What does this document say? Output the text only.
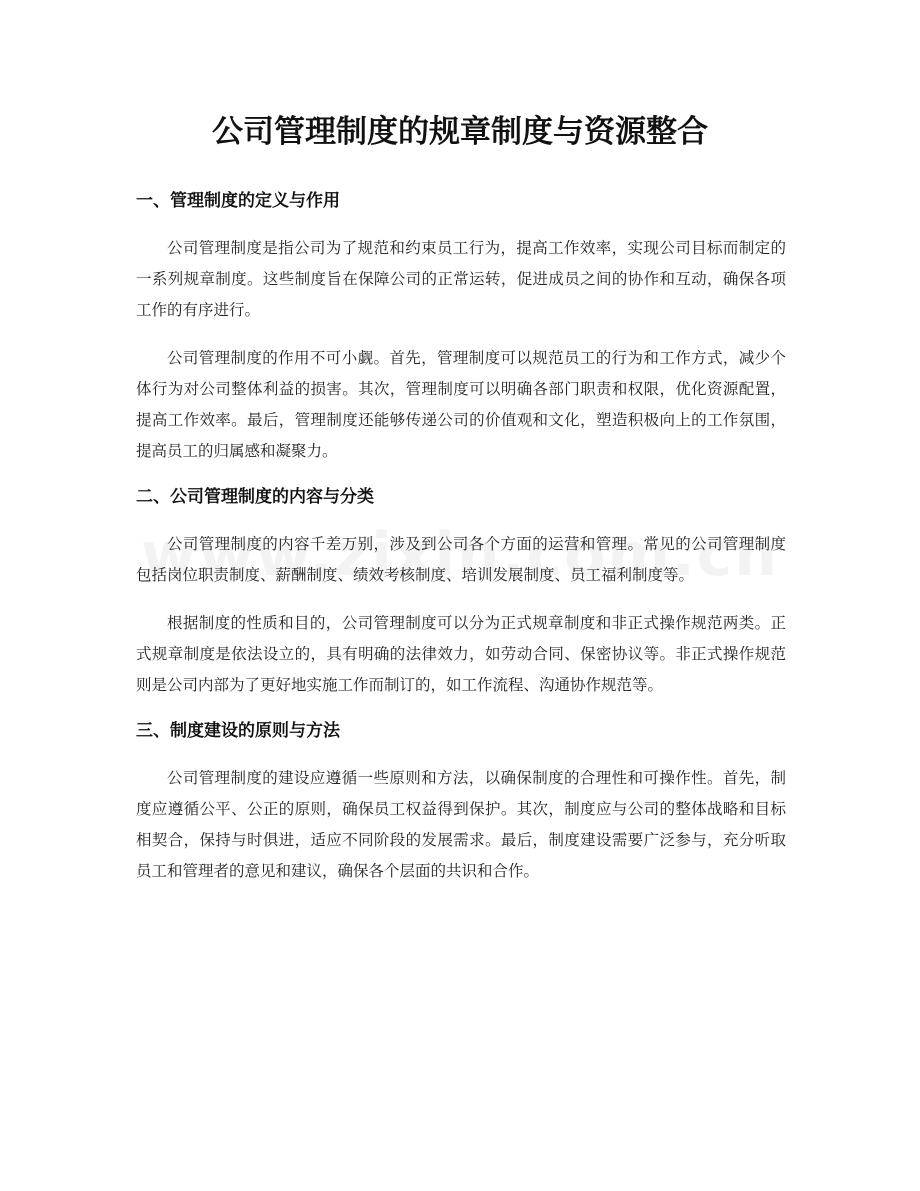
公司管理制度的规章制度与资源整合
一、管理制度的定义与作用

公司管理制度是指公司为了规范和约束员工行为，提高工作效率，实现公司目标而制定的一系列规章制度。这些制度旨在保障公司的正常运转，促进成员之间的协作和互动，确保各项工作的有序进行。

公司管理制度的作用不可小觑。首先，管理制度可以规范员工的行为和工作方式，减少个体行为对公司整体利益的损害。其次，管理制度可以明确各部门职责和权限，优化资源配置，提高工作效率。最后，管理制度还能够传递公司的价值观和文化，塑造积极向上的工作氛围，提高员工的归属感和凝聚力。

二、公司管理制度的内容与分类

公司管理制度的内容千差万别，涉及到公司各个方面的运营和管理。常见的公司管理制度包括岗位职责制度、薪酬制度、绩效考核制度、培训发展制度、员工福利制度等。

根据制度的性质和目的，公司管理制度可以分为正式规章制度和非正式操作规范两类。正式规章制度是依法设立的，具有明确的法律效力，如劳动合同、保密协议等。非正式操作规范则是公司内部为了更好地实施工作而制订的，如工作流程、沟通协作规范等。

三、制度建设的原则与方法

公司管理制度的建设应遵循一些原则和方法，以确保制度的合理性和可操作性。首先，制度应遵循公平、公正的原则，确保员工权益得到保护。其次，制度应与公司的整体战略和目标相契合，保持与时俱进，适应不同阶段的发展需求。最后，制度建设需要广泛参与，充分听取员工和管理者的意见和建议，确保各个层面的共识和合作。
